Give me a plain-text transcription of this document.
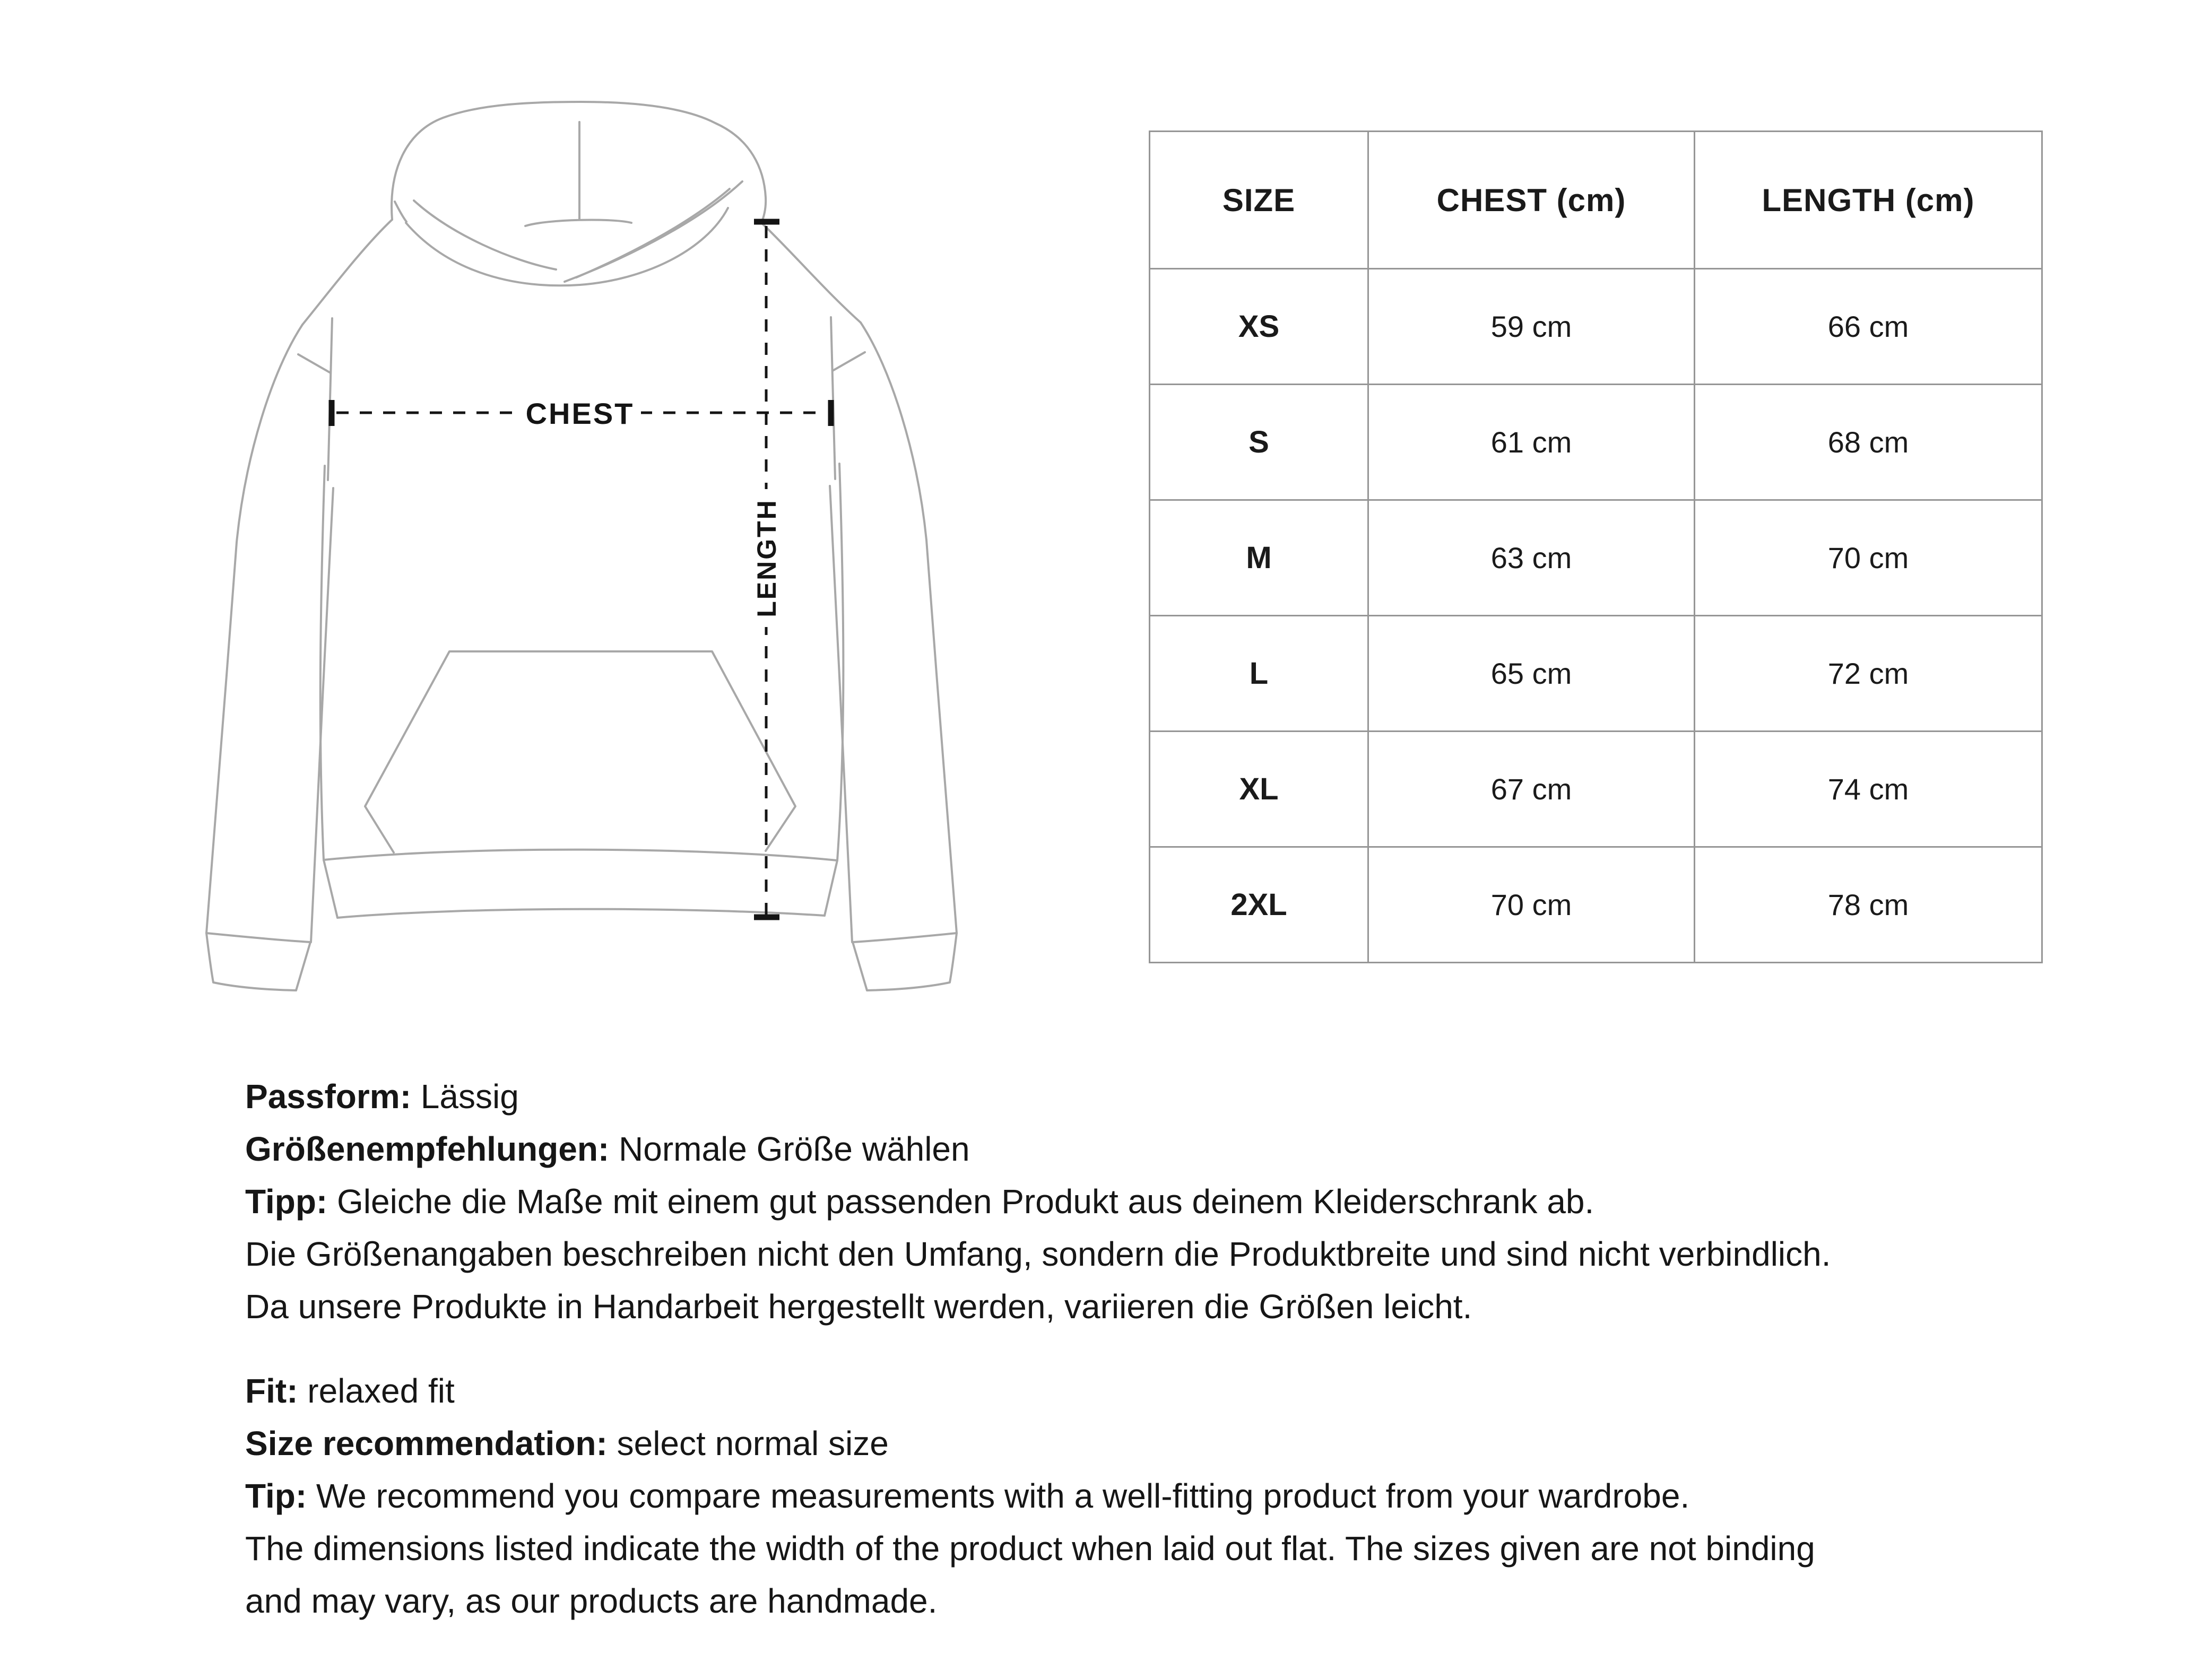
CHEST
LENGTH
SIZE	CHEST (cm)	LENGTH (cm)
XS	59 cm	66 cm
S	61 cm	68 cm
M	63 cm	70 cm
L	65 cm	72 cm
XL	67 cm	74 cm
2XL	70 cm	78 cm
Passform: Lässig
Größenempfehlungen: Normale Größe wählen
Tipp: Gleiche die Maße mit einem gut passenden Produkt aus deinem Kleiderschrank ab.
Die Größenangaben beschreiben nicht den Umfang, sondern die Produktbreite und sind nicht verbindlich.
Da unsere Produkte in Handarbeit hergestellt werden, variieren die Größen leicht.
Fit: relaxed fit
Size recommendation: select normal size
Tip: We recommend you compare measurements with a well-fitting product from your wardrobe.
The dimensions listed indicate the width of the product when laid out flat. The sizes given are not binding
and may vary, as our products are handmade.
